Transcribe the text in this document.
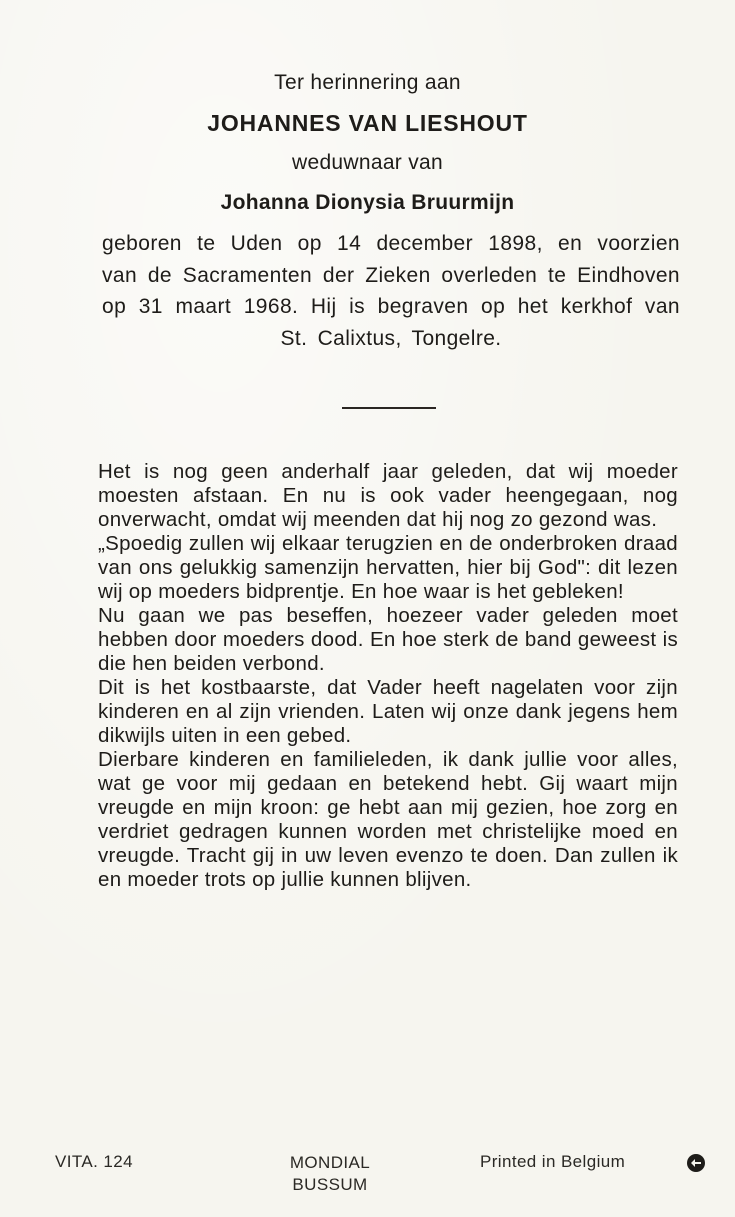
Ter herinnering aan
JOHANNES VAN LIESHOUT
weduwnaar van
Johanna Dionysia Bruurmijn
geboren te Uden op 14 december 1898, en voorzien van de Sacramenten der Zieken overleden te Eindhoven op 31 maart 1968. Hij is begraven op het kerkhof van St. Calixtus, Tongelre.

Het is nog geen anderhalf jaar geleden, dat wij moeder moesten afstaan. En nu is ook vader heengegaan, nog onverwacht, omdat wij meenden dat hij nog zo gezond was.

„Spoedig zullen wij elkaar terugzien en de onderbroken draad van ons gelukkig samenzijn hervatten, hier bij God": dit lezen wij op moeders bidprentje. En hoe waar is het gebleken!

Nu gaan we pas beseffen, hoezeer vader geleden moet hebben door moeders dood. En hoe sterk de band geweest is die hen beiden verbond.

Dit is het kostbaarste, dat Vader heeft nagelaten voor zijn kinderen en al zijn vrienden. Laten wij onze dank jegens hem dikwijls uiten in een gebed.

Dierbare kinderen en familieleden, ik dank jullie voor alles, wat ge voor mij gedaan en betekend hebt. Gij waart mijn vreugde en mijn kroon: ge hebt aan mij gezien, hoe zorg en verdriet gedragen kunnen worden met christelijke moed en vreugde. Tracht gij in uw leven evenzo te doen. Dan zullen ik en moeder trots op jullie kunnen blijven.

VITA. 124	MONDIAL
BUSSUM
Printed in Belgium
